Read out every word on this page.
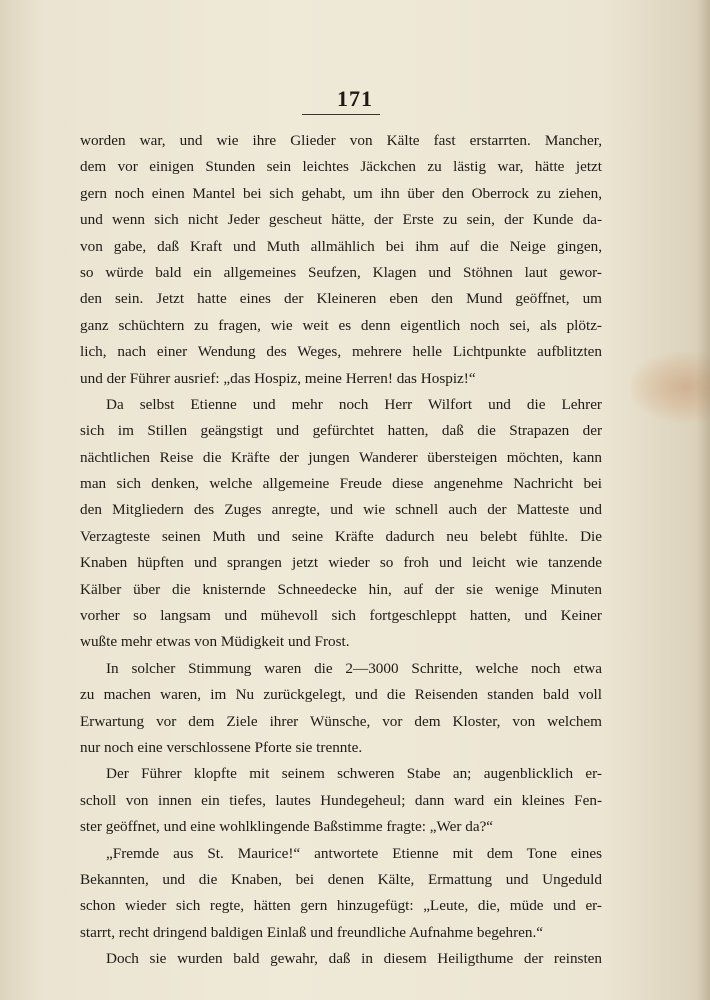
171
worden war, und wie ihre Glieder von Kälte fast erstarrten. Mancher,
dem vor einigen Stunden sein leichtes Jäckchen zu lästig war, hätte jetzt
gern noch einen Mantel bei sich gehabt, um ihn über den Oberrock zu ziehen,
und wenn sich nicht Jeder gescheut hätte, der Erste zu sein, der Kunde da-
von gabe, daß Kraft und Muth allmählich bei ihm auf die Neige gingen,
so würde bald ein allgemeines Seufzen, Klagen und Stöhnen laut gewor-
den sein. Jetzt hatte eines der Kleineren eben den Mund geöffnet, um
ganz schüchtern zu fragen, wie weit es denn eigentlich noch sei, als plötz-
lich, nach einer Wendung des Weges, mehrere helle Lichtpunkte aufblitzten
und der Führer ausrief: „das Hospiz, meine Herren! das Hospiz!“
Da selbst Etienne und mehr noch Herr Wilfort und die Lehrer
sich im Stillen geängstigt und gefürchtet hatten, daß die Strapazen der
nächtlichen Reise die Kräfte der jungen Wanderer übersteigen möchten, kann
man sich denken, welche allgemeine Freude diese angenehme Nachricht bei
den Mitgliedern des Zuges anregte, und wie schnell auch der Matteste und
Verzagteste seinen Muth und seine Kräfte dadurch neu belebt fühlte. Die
Knaben hüpften und sprangen jetzt wieder so froh und leicht wie tanzende
Kälber über die knisternde Schneedecke hin, auf der sie wenige Minuten
vorher so langsam und mühevoll sich fortgeschleppt hatten, und Keiner
wußte mehr etwas von Müdigkeit und Frost.
In solcher Stimmung waren die 2—3000 Schritte, welche noch etwa
zu machen waren, im Nu zurückgelegt, und die Reisenden standen bald voll
Erwartung vor dem Ziele ihrer Wünsche, vor dem Kloster, von welchem
nur noch eine verschlossene Pforte sie trennte.
Der Führer klopfte mit seinem schweren Stabe an; augenblicklich er-
scholl von innen ein tiefes, lautes Hundegeheul; dann ward ein kleines Fen-
ster geöffnet, und eine wohlklingende Baßstimme fragte: „Wer da?“
„Fremde aus St. Maurice!“ antwortete Etienne mit dem Tone eines
Bekannten, und die Knaben, bei denen Kälte, Ermattung und Ungeduld
schon wieder sich regte, hätten gern hinzugefügt: „Leute, die, müde und er-
starrt, recht dringend baldigen Einlaß und freundliche Aufnahme begehren.“
Doch sie wurden bald gewahr, daß in diesem Heiligthume der reinsten
